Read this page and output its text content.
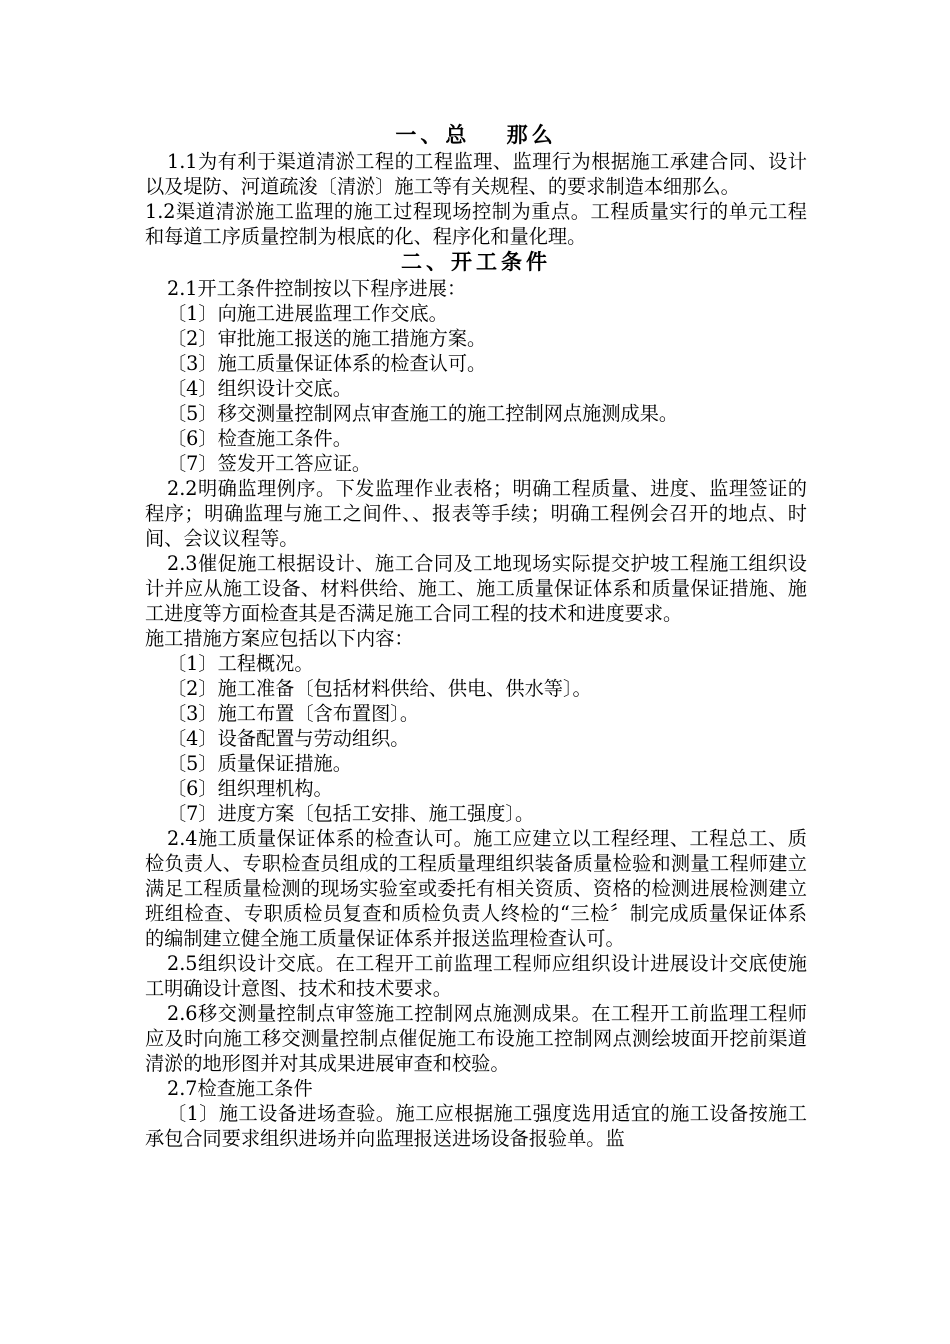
一、总　 那么

1.1为有利于渠道清淤工程的工程监理、监理行为根据施工承建合同、设计以及堤防、河道疏浚〔清淤〕施工等有关规程、的要求制造本细那么。

1.2渠道清淤施工监理的施工过程现场控制为重点。工程质量实行的单元工程和每道工序质量控制为根底的化、程序化和量化理。

二、开工条件

2.1开工条件控制按以下程序进展：

〔1〕向施工进展监理工作交底。

〔2〕审批施工报送的施工措施方案。

〔3〕施工质量保证体系的检查认可。

〔4〕组织设计交底。

〔5〕移交测量控制网点审查施工的施工控制网点施测成果。

〔6〕检查施工条件。

〔7〕签发开工答应证。

2.2明确监理例序。下发监理作业表格；明确工程质量、进度、监理签证的程序；明确监理与施工之间件、、报表等手续；明确工程例会召开的地点、时间、会议议程等。

2.3催促施工根据设计、施工合同及工地现场实际提交护坡工程施工组织设计并应从施工设备、材料供给、施工、施工质量保证体系和质量保证措施、施工进度等方面检查其是否满足施工合同工程的技术和进度要求。

施工措施方案应包括以下内容：

〔1〕工程概况。

〔2〕施工准备〔包括材料供给、供电、供水等〕。

〔3〕施工布置〔含布置图〕。

〔4〕设备配置与劳动组织。

〔5〕质量保证措施。

〔6〕组织理机构。

〔7〕进度方案〔包括工安排、施工强度〕。

2.4施工质量保证体系的检查认可。施工应建立以工程经理、工程总工、质检负责人、专职检查员组成的工程质量理组织装备质量检验和测量工程师建立满足工程质量检测的现场实验室或委托有相关资质、资格的检测进展检测建立班组检查、专职质检员复查和质检负责人终检的“三检〞制完成质量保证体系的编制建立健全施工质量保证体系并报送监理检查认可。

2.5组织设计交底。在工程开工前监理工程师应组织设计进展设计交底使施工明确设计意图、技术和技术要求。

2.6移交测量控制点审签施工控制网点施测成果。在工程开工前监理工程师应及时向施工移交测量控制点催促施工布设施工控制网点测绘坡面开挖前渠道清淤的地形图并对其成果进展审查和校验。

2.7检查施工条件

〔1〕施工设备进场查验。施工应根据施工强度选用适宜的施工设备按施工承包合同要求组织进场并向监理报送进场设备报验单。监
